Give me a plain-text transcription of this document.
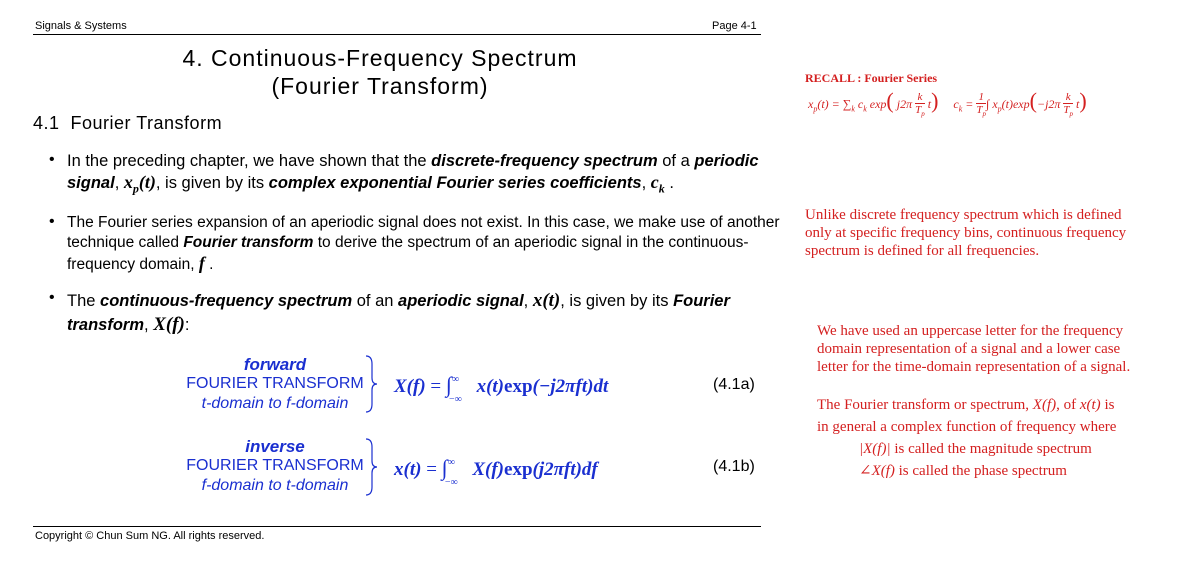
Signals & Systems	Page 4-1
4. Continuous-Frequency Spectrum
(Fourier Transform)
4.1  Fourier Transform
• In the preceding chapter, we have shown that the discrete-frequency spectrum of a periodic
signal, $x_p(t)$, is given by its complex exponential Fourier series coefficients, $c_k$ .
• The Fourier series expansion of an aperiodic signal does not exist. In this case, we make use of another
technique called Fourier transform to derive the spectrum of an aperiodic signal in the continuous-
frequency domain, f .
• The continuous-frequency spectrum of an aperiodic signal, x(t), is given by its Fourier
transform, X(f):
forward
FOURIER TRANSFORM
t-domain to f-domain
$X(f) = \int^\infty_{-\infty}$ x(t)exp(−j2πft)dt	(4.1a)
inverse
FOURIER TRANSFORM
f-domain to t-domain
$x(t) = \int^\infty_{-\infty}$ X(f)exp(j2πft)df	(4.1b)
Copyright © Chun Sum NG. All rights reserved.
RECALL : Fourier Series
$x_p(t) = \sum_k$ $c_k$ exp( $j2\pi \frac{k}{T_p} t$) $c_k = \frac{1}{T_p}$ ∫ $x_p(t)\exp(-j2\pi \frac{k}{T_p} t)$
Unlike discrete frequency spectrum which is defined only at specific frequency bins, continuous frequency spectrum is defined for all frequencies.
We have used an uppercase letter for the frequency domain representation of a signal and a lower case letter for the time-domain representation of a signal.
The Fourier transform or spectrum, X(f), of x(t) is
in general a complex function of frequency where
|X(f)| is called the magnitude spectrum
∠X(f) is called the phase spectrum
